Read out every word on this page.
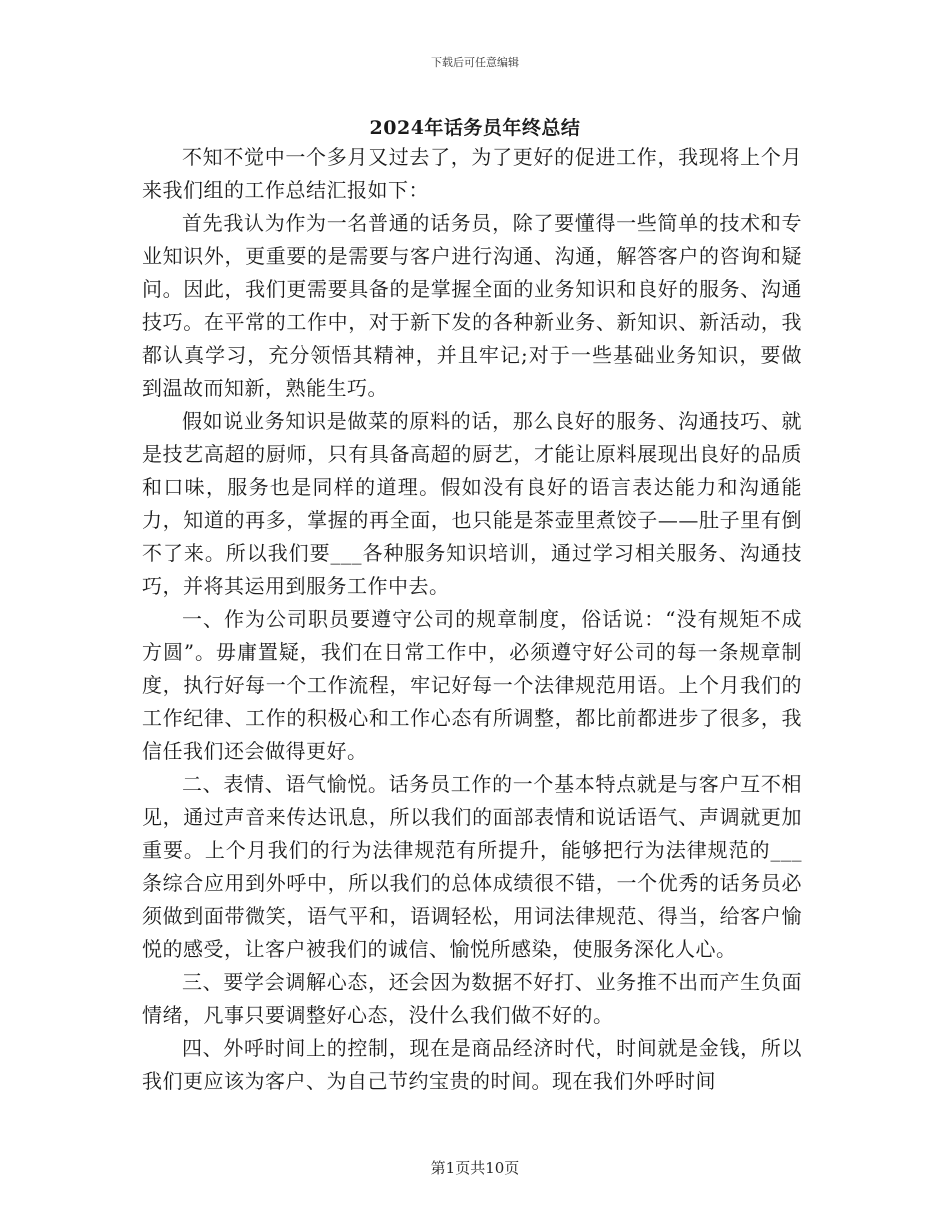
下载后可任意编辑
2024年话务员年终总结

不知不觉中一个多月又过去了，为了更好的促进工作，我现将上个月来我们组的工作总结汇报如下：

首先我认为作为一名普通的话务员，除了要懂得一些简单的技术和专业知识外，更重要的是需要与客户进行沟通、沟通，解答客户的咨询和疑问。因此，我们更需要具备的是掌握全面的业务知识和良好的服务、沟通技巧。在平常的工作中，对于新下发的各种新业务、新知识、新活动，我都认真学习，充分领悟其精神，并且牢记;对于一些基础业务知识，要做到温故而知新，熟能生巧。

假如说业务知识是做菜的原料的话，那么良好的服务、沟通技巧、就是技艺高超的厨师，只有具备高超的厨艺，才能让原料展现出良好的品质和口味，服务也是同样的道理。假如没有良好的语言表达能力和沟通能力，知道的再多，掌握的再全面，也只能是茶壶里煮饺子——肚子里有倒不了来。所以我们要___各种服务知识培训，通过学习相关服务、沟通技巧，并将其运用到服务工作中去。

一、作为公司职员要遵守公司的规章制度，俗话说：“没有规矩不成方圆”。毋庸置疑，我们在日常工作中，必须遵守好公司的每一条规章制度，执行好每一个工作流程，牢记好每一个法律规范用语。上个月我们的工作纪律、工作的积极心和工作心态有所调整，都比前都进步了很多，我信任我们还会做得更好。

二、表情、语气愉悦。话务员工作的一个基本特点就是与客户互不相见，通过声音来传达讯息，所以我们的面部表情和说话语气、声调就更加重要。上个月我们的行为法律规范有所提升，能够把行为法律规范的___条综合应用到外呼中，所以我们的总体成绩很不错，一个优秀的话务员必须做到面带微笑，语气平和，语调轻松，用词法律规范、得当，给客户愉悦的感受，让客户被我们的诚信、愉悦所感染，使服务深化人心。

三、要学会调解心态，还会因为数据不好打、业务推不出而产生负面情绪，凡事只要调整好心态，没什么我们做不好的。

四、外呼时间上的控制，现在是商品经济时代，时间就是金钱，所以我们更应该为客户、为自己节约宝贵的时间。现在我们外呼时间

第1页共10页
